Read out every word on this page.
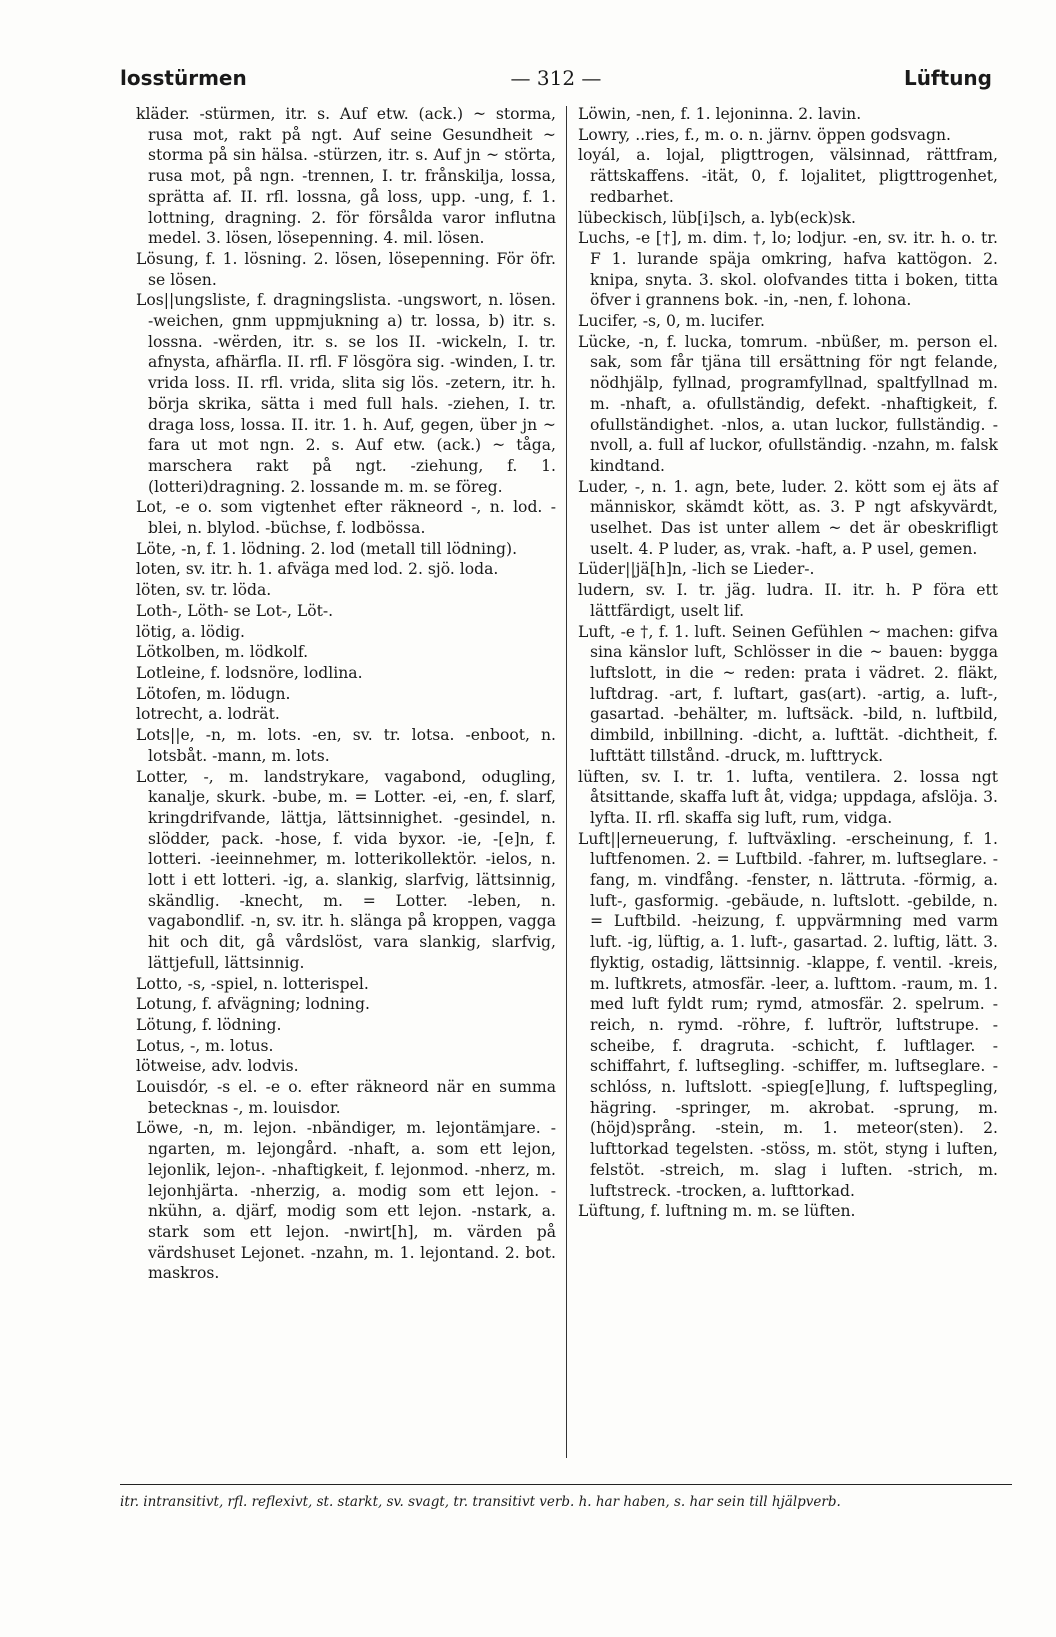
losstürmen	— 312 —	Lüftung

kläder. -stürmen, itr. s. Auf etw. (ack.) ~ storma, rusa mot, rakt på ngt. Auf seine Gesundheit ~ storma på sin hälsa. -stürzen, itr. s. Auf jn ~ störta, rusa mot, på ngn. -trennen, I. tr. frånskilja, lossa, sprätta af. II. rfl. lossna, gå loss, upp. -ung, f. 1. lottning, dragning. 2. för försålda varor influtna medel. 3. lösen, lösepenning. 4. mil. lösen.

Lösung, f. 1. lösning. 2. lösen, lösepenning. För öfr. se lösen.

Los||ungsliste, f. dragningslista. -ungswort, n. lösen. -weichen, gnm uppmjukning a) tr. lossa, b) itr. s. lossna. -wërden, itr. s. se los II. -wickeln, I. tr. afnysta, afhärfla. II. rfl. F lösgöra sig. -winden, I. tr. vrida loss. II. rfl. vrida, slita sig lös. -zetern, itr. h. börja skrika, sätta i med full hals. -ziehen, I. tr. draga loss, lossa. II. itr. 1. h. Auf, gegen, über jn ~ fara ut mot ngn. 2. s. Auf etw. (ack.) ~ tåga, marschera rakt på ngt. -ziehung, f. 1. (lotteri)dragning. 2. lossande m. m. se föreg.

Lot, -e o. som vigtenhet efter räkneord -, n. lod. -blei, n. blylod. -büchse, f. lodbössa.

Löte, -n, f. 1. lödning. 2. lod (metall till lödning).

loten, sv. itr. h. 1. afväga med lod. 2. sjö. loda.

löten, sv. tr. löda.

Loth-, Löth- se Lot-, Löt-.

lötig, a. lödig.

Lötkolben, m. lödkolf.

Lotleine, f. lodsnöre, lodlina.

Lötofen, m. lödugn.

lotrecht, a. lodrät.

Lots||e, -n, m. lots. -en, sv. tr. lotsa. -enboot, n. lotsbåt. -mann, m. lots.

Lotter, -, m. landstrykare, vagabond, odugling, kanalje, skurk. -bube, m. = Lotter. -ei, -en, f. slarf, kringdrifvande, lättja, lättsinnighet. -gesindel, n. slödder, pack. -hose, f. vida byxor. -ie, -[e]n, f. lotteri. -ieeinnehmer, m. lotterikollektör. -ielos, n. lott i ett lotteri. -ig, a. slankig, slarfvig, lättsinnig, skändlig. -knecht, m. = Lotter. -leben, n. vagabondlif. -n, sv. itr. h. slänga på kroppen, vagga hit och dit, gå vårdslöst, vara slankig, slarfvig, lättjefull, lättsinnig.

Lotto, -s, -spiel, n. lotterispel.

Lotung, f. afvägning; lodning.

Lötung, f. lödning.

Lotus, -, m. lotus.

lötweise, adv. lodvis.

Louisdór, -s el. -e o. efter räkneord när en summa betecknas -, m. louisdor.

Löwe, -n, m. lejon. -nbändiger, m. lejontämjare. -ngarten, m. lejongård. -nhaft, a. som ett lejon, lejonlik, lejon-. -nhaftigkeit, f. lejonmod. -nherz, m. lejonhjärta. -nherzig, a. modig som ett lejon. -nkühn, a. djärf, modig som ett lejon. -nstark, a. stark som ett lejon. -nwirt[h], m. värden på värdshuset Lejonet. -nzahn, m. 1. lejontand. 2. bot. maskros.

Löwin, -nen, f. 1. lejoninna. 2. lavin.

Lowry, ..ries, f., m. o. n. järnv. öppen godsvagn.

loyál, a. lojal, pligttrogen, välsinnad, rättfram, rättskaffens. -ität, 0, f. lojalitet, pligttrogenhet, redbarhet.

lübeckisch, lüb[i]sch, a. lyb(eck)sk.

Luchs, -e [†], m. dim. †, lo; lodjur. -en, sv. itr. h. o. tr. F 1. lurande späja omkring, hafva kattögon. 2. knipa, snyta. 3. skol. olofvandes titta i boken, titta öfver i grannens bok. -in, -nen, f. lohona.

Lucifer, -s, 0, m. lucifer.

Lücke, -n, f. lucka, tomrum. -nbüßer, m. person el. sak, som får tjäna till ersättning för ngt felande, nödhjälp, fyllnad, programfyllnad, spaltfyllnad m. m. -nhaft, a. ofullständig, defekt. -nhaftigkeit, f. ofullständighet. -nlos, a. utan luckor, fullständig. -nvoll, a. full af luckor, ofullständig. -nzahn, m. falsk kindtand.

Luder, -, n. 1. agn, bete, luder. 2. kött som ej äts af människor, skämdt kött, as. 3. P ngt afskyvärdt, uselhet. Das ist unter allem ~ det är obeskrifligt uselt. 4. P luder, as, vrak. -haft, a. P usel, gemen.

Lüder||jä[h]n, -lich se Lieder-.

ludern, sv. I. tr. jäg. ludra. II. itr. h. P föra ett lättfärdigt, uselt lif.

Luft, -e †, f. 1. luft. Seinen Gefühlen ~ machen: gifva sina känslor luft, Schlösser in die ~ bauen: bygga luftslott, in die ~ reden: prata i vädret. 2. fläkt, luftdrag. -art, f. luftart, gas(art). -artig, a. luft-, gasartad. -behälter, m. luftsäck. -bild, n. luftbild, dimbild, inbillning. -dicht, a. lufttät. -dichtheit, f. lufttätt tillstånd. -druck, m. lufttryck.

lüften, sv. I. tr. 1. lufta, ventilera. 2. lossa ngt åtsittande, skaffa luft åt, vidga; uppdaga, afslöja. 3. lyfta. II. rfl. skaffa sig luft, rum, vidga.

Luft||erneuerung, f. luftväxling. -erscheinung, f. 1. luftfenomen. 2. = Luftbild. -fahrer, m. luftseglare. -fang, m. vindfång. -fenster, n. lättruta. -förmig, a. luft-, gasformig. -gebäude, n. luftslott. -gebilde, n. = Luftbild. -heizung, f. uppvärmning med varm luft. -ig, lüftig, a. 1. luft-, gasartad. 2. luftig, lätt. 3. flyktig, ostadig, lättsinnig. -klappe, f. ventil. -kreis, m. luftkrets, atmosfär. -leer, a. lufttom. -raum, m. 1. med luft fyldt rum; rymd, atmosfär. 2. spelrum. -reich, n. rymd. -röhre, f. luftrör, luftstrupe. -scheibe, f. dragruta. -schicht, f. luftlager. -schiffahrt, f. luftsegling. -schiffer, m. luftseglare. -schlóss, n. luftslott. -spieg[e]lung, f. luftspegling, hägring. -springer, m. akrobat. -sprung, m. (höjd)språng. -stein, m. 1. meteor(sten). 2. lufttorkad tegelsten. -stöss, m. stöt, styng i luften, felstöt. -streich, m. slag i luften. -strich, m. luftstreck. -trocken, a. lufttorkad.

Lüftung, f. luftning m. m. se lüften.

itr. intransitivt, rfl. reflexivt, st. starkt, sv. svagt, tr. transitivt verb. h. har haben, s. har sein till hjälpverb.
